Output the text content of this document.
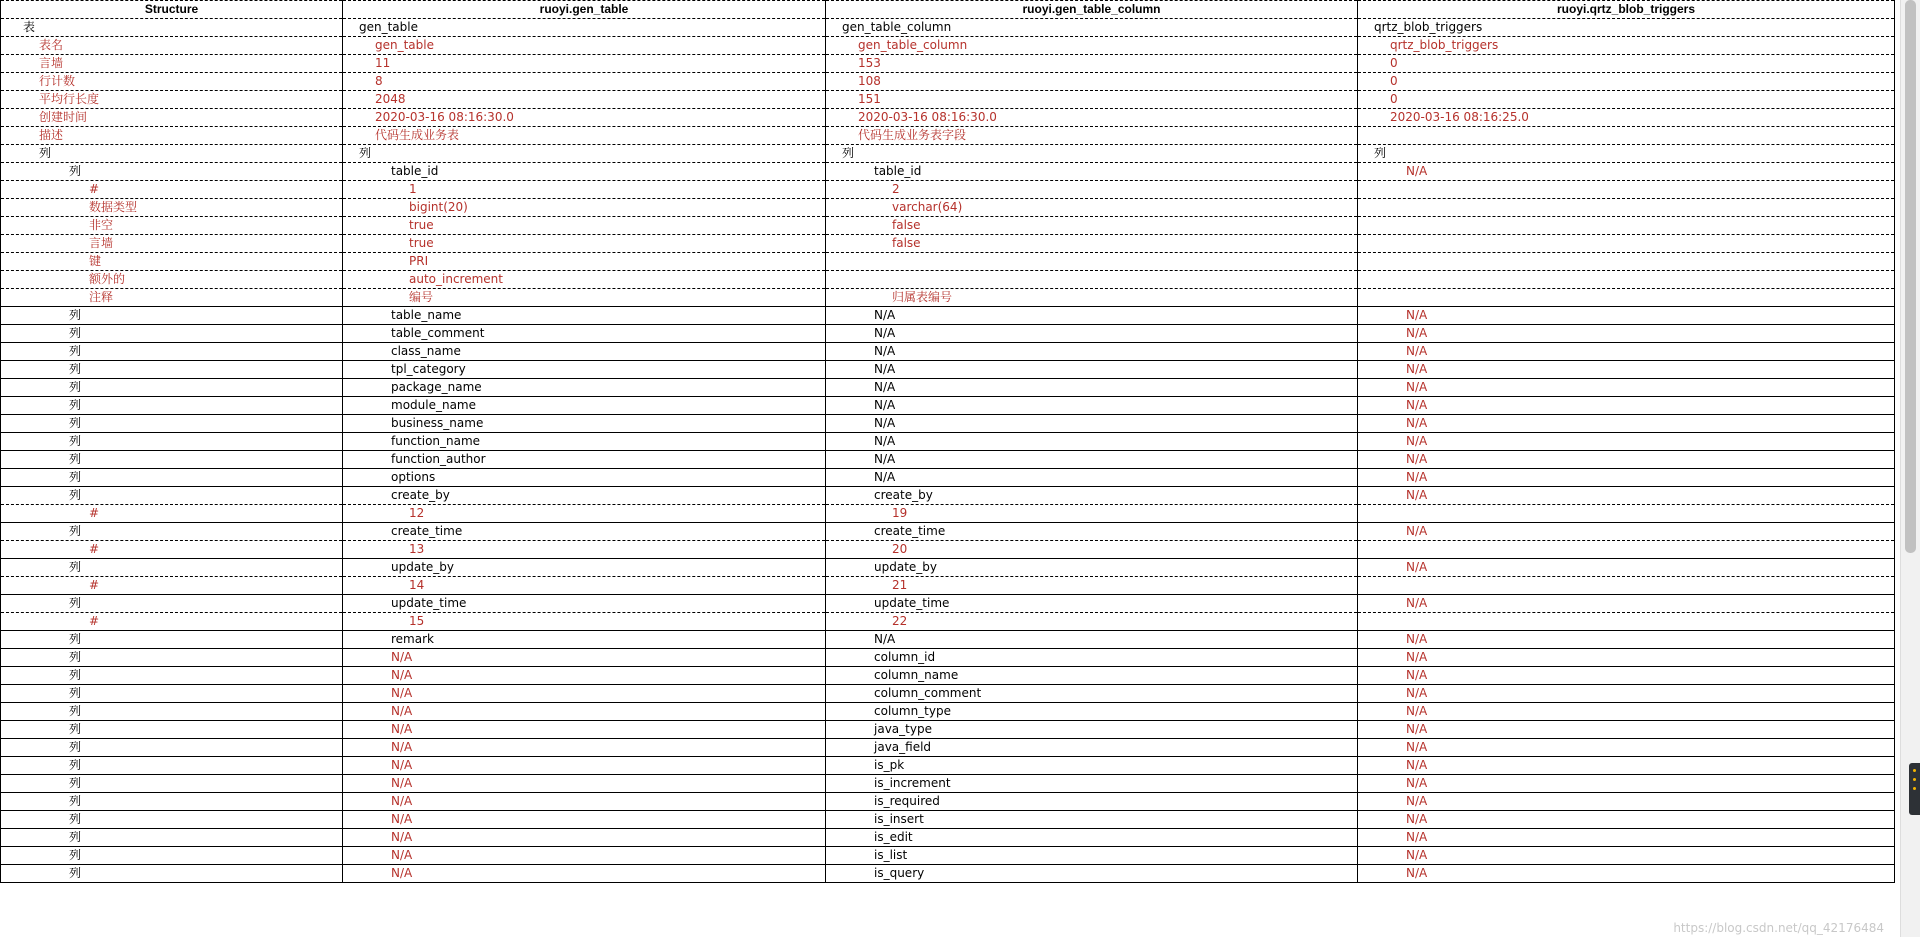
Structure	ruoyi.gen_table	ruoyi.gen_table_column	ruoyi.qrtz_blob_triggers
表	gen_table	gen_table_column	qrtz_blob_triggers
表名	gen_table	gen_table_column	qrtz_blob_triggers
言墙	11	153	0
行计数	8	108	0
平均行长度	2048	151	0
创建时间	2020-03-16 08:16:30.0	2020-03-16 08:16:30.0	2020-03-16 08:16:25.0
描述	代码生成业务表	代码生成业务表字段	
列	列	列	列
列	table_id	table_id	N/A
#	1	2	
数据类型	bigint(20)	varchar(64)	
非空	true	false	
言墙	true	false	
键	PRI		
额外的	auto_increment		
注释	编号	归属表编号	
列	table_name	N/A	N/A
列	table_comment	N/A	N/A
列	class_name	N/A	N/A
列	tpl_category	N/A	N/A
列	package_name	N/A	N/A
列	module_name	N/A	N/A
列	business_name	N/A	N/A
列	function_name	N/A	N/A
列	function_author	N/A	N/A
列	options	N/A	N/A
列	create_by	create_by	N/A
#	12	19	
列	create_time	create_time	N/A
#	13	20	
列	update_by	update_by	N/A
#	14	21	
列	update_time	update_time	N/A
#	15	22	
列	remark	N/A	N/A
列	N/A	column_id	N/A
列	N/A	column_name	N/A
列	N/A	column_comment	N/A
列	N/A	column_type	N/A
列	N/A	java_type	N/A
列	N/A	java_field	N/A
列	N/A	is_pk	N/A
列	N/A	is_increment	N/A
列	N/A	is_required	N/A
列	N/A	is_insert	N/A
列	N/A	is_edit	N/A
列	N/A	is_list	N/A
列	N/A	is_query	N/A
https://blog.csdn.net/qq_42176484
